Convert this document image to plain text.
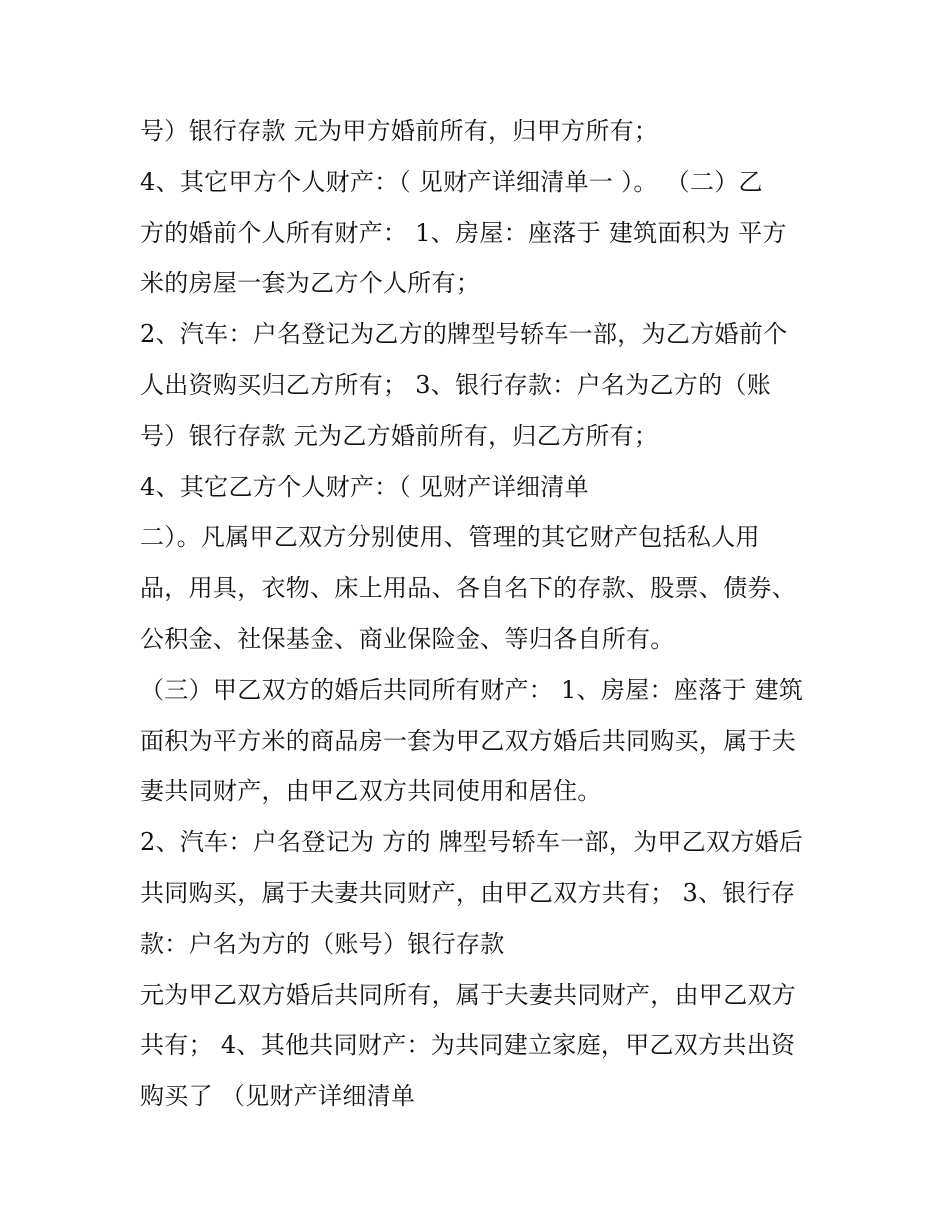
号）银行存款 元为甲方婚前所有，归甲方所有；
4、其它甲方个人财产：（ 见财产详细清单一 ）。 （二）乙
方的婚前个人所有财产： 1、房屋：座落于 建筑面积为 平方
米的房屋一套为乙方个人所有；
2、汽车：户名登记为乙方的牌型号轿车一部，为乙方婚前个
人出资购买归乙方所有； 3、银行存款：户名为乙方的（账
号）银行存款 元为乙方婚前所有，归乙方所有；
4、其它乙方个人财产：（ 见财产详细清单
二）。凡属甲乙双方分别使用、管理的其它财产包括私人用
品，用具，衣物、床上用品、各自名下的存款、股票、债券、
公积金、社保基金、商业保险金、等归各自所有。
（三）甲乙双方的婚后共同所有财产： 1、房屋：座落于 建筑
面积为平方米的商品房一套为甲乙双方婚后共同购买，属于夫
妻共同财产，由甲乙双方共同使用和居住。
2、汽车：户名登记为 方的 牌型号轿车一部，为甲乙双方婚后
共同购买，属于夫妻共同财产，由甲乙双方共有； 3、银行存
款：户名为方的（账号）银行存款
元为甲乙双方婚后共同所有，属于夫妻共同财产，由甲乙双方
共有； 4、其他共同财产：为共同建立家庭，甲乙双方共出资
购买了 （见财产详细清单
